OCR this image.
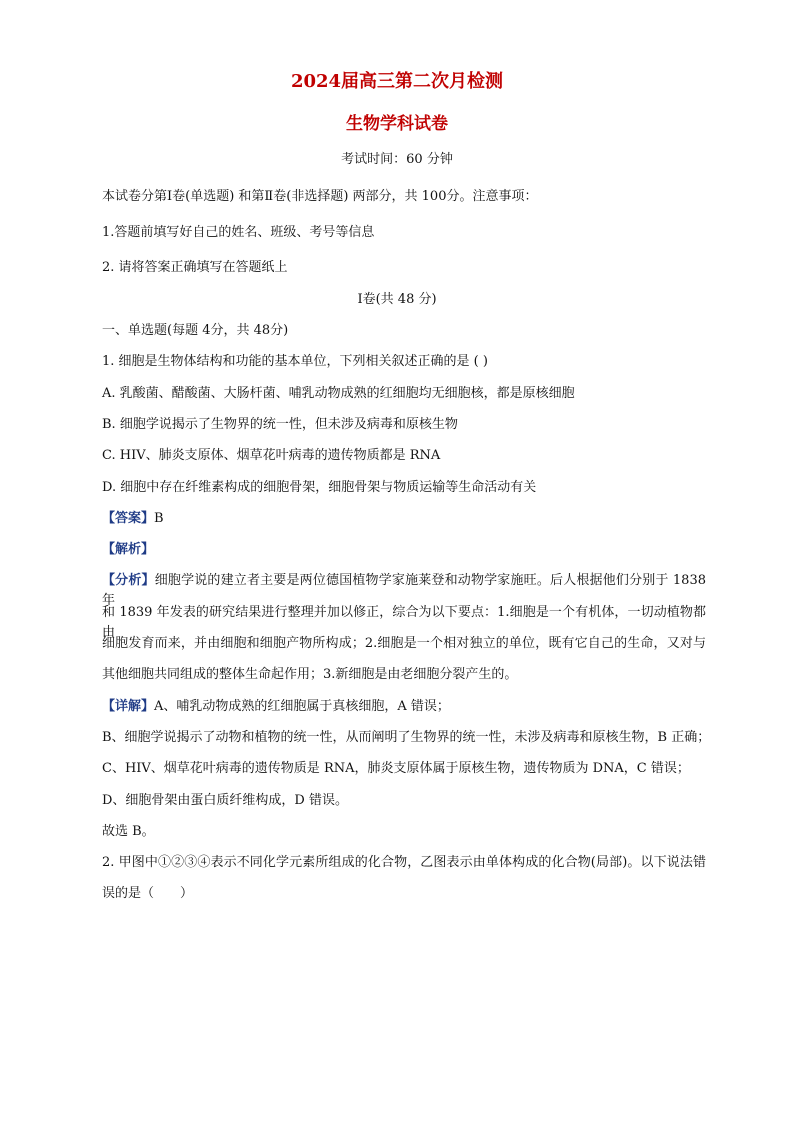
2024届高三第二次月检测
生物学科试卷
考试时间：60 分钟
本试卷分第Ⅰ卷(单选题) 和第Ⅱ卷(非选择题) 两部分，共 100分。注意事项：
1.答题前填写好自己的姓名、班级、考号等信息
2. 请将答案正确填写在答题纸上
Ⅰ卷(共 48 分)
一、单选题(每题 4分，共 48分)
1. 细胞是生物体结构和功能的基本单位，下列相关叙述正确的是 ( )
A. 乳酸菌、醋酸菌、大肠杆菌、哺乳动物成熟的红细胞均无细胞核，都是原核细胞
B. 细胞学说揭示了生物界的统一性，但未涉及病毒和原核生物
C. HIV、肺炎支原体、烟草花叶病毒的遗传物质都是 RNA
D. 细胞中存在纤维素构成的细胞骨架，细胞骨架与物质运输等生命活动有关
【答案】B
【解析】
【分析】细胞学说的建立者主要是两位德国植物学家施莱登和动物学家施旺。后人根据他们分别于 1838 年
和 1839 年发表的研究结果进行整理并加以修正，综合为以下要点：1.细胞是一个有机体，一切动植物都由
细胞发育而来，并由细胞和细胞产物所构成；2.细胞是一个相对独立的单位，既有它自己的生命，又对与
其他细胞共同组成的整体生命起作用；3.新细胞是由老细胞分裂产生的。
【详解】A、哺乳动物成熟的红细胞属于真核细胞，A 错误；
B、细胞学说揭示了动物和植物的统一性，从而阐明了生物界的统一性，未涉及病毒和原核生物，B 正确；
C、HIV、烟草花叶病毒的遗传物质是 RNA，肺炎支原体属于原核生物，遗传物质为 DNA，C 错误；
D、细胞骨架由蛋白质纤维构成，D 错误。
故选 B。
2. 甲图中①②③④表示不同化学元素所组成的化合物，乙图表示由单体构成的化合物(局部)。以下说法错
误的是（　　）
